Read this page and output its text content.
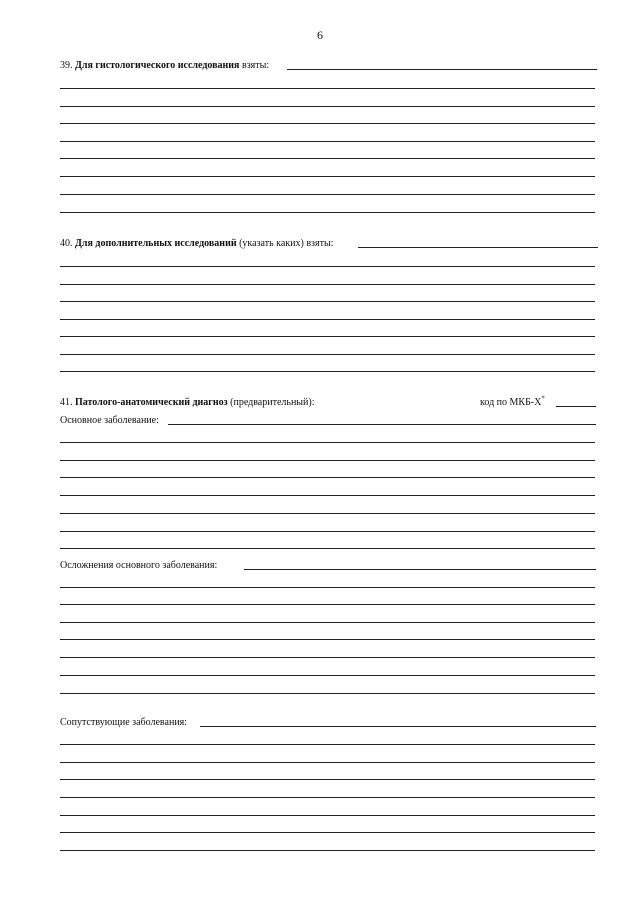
6
39. Для гистологического исследования взяты:
40. Для дополнительных исследований (указать каких) взяты:
41. Патолого-анатомический диагноз (предварительный):	код по МКБ-Х*
Основное заболевание:
Осложнения основного заболевания:
Сопутствующие заболевания:
